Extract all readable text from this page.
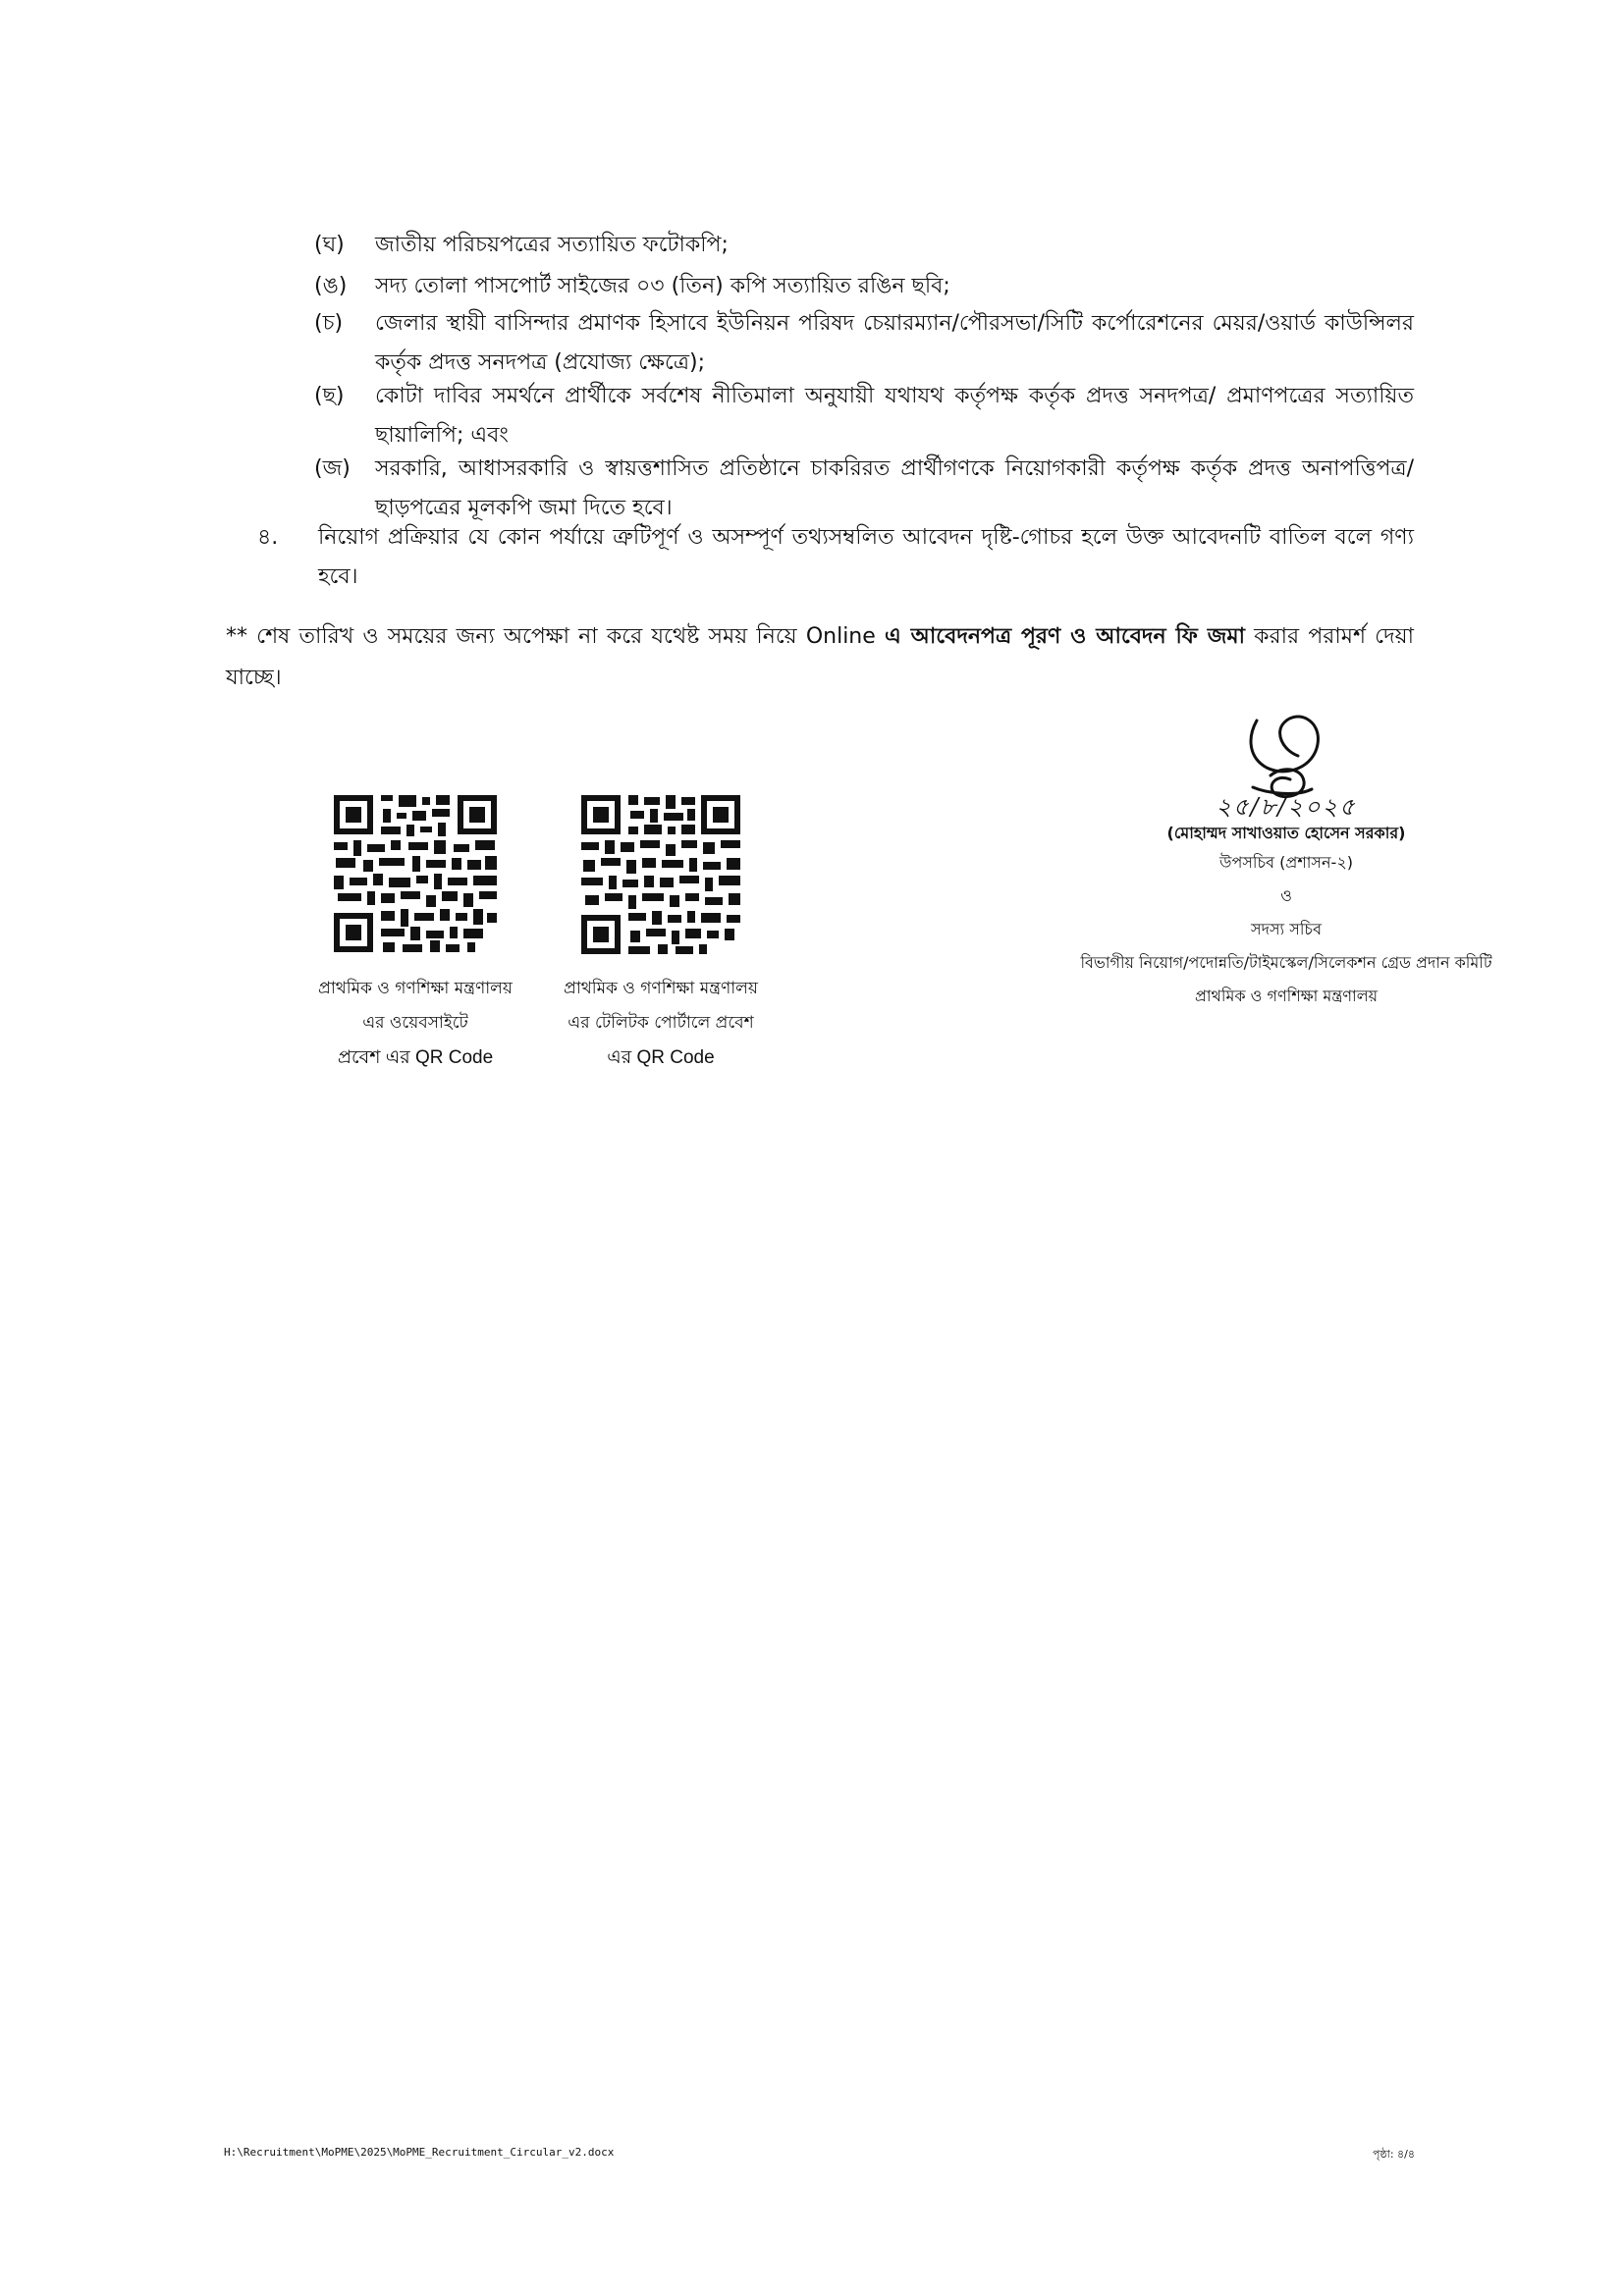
(ঘ)	জাতীয় পরিচয়পত্রের সত্যায়িত ফটোকপি;
(ঙ)	সদ্য তোলা পাসপোর্ট সাইজের ০৩ (তিন) কপি সত্যায়িত রঙিন ছবি;
(চ)	জেলার স্থায়ী বাসিন্দার প্রমাণক হিসাবে ইউনিয়ন পরিষদ চেয়ারম্যান/পৌরসভা/সিটি কর্পোরেশনের মেয়র/ওয়ার্ড কাউন্সিলর কর্তৃক প্রদত্ত সনদপত্র (প্রযোজ্য ক্ষেত্রে);
(ছ)	কোটা দাবির সমর্থনে প্রার্থীকে সর্বশেষ নীতিমালা অনুযায়ী যথাযথ কর্তৃপক্ষ কর্তৃক প্রদত্ত সনদপত্র/ প্রমাণপত্রের সত্যায়িত ছায়ালিপি; এবং
(জ)	সরকারি, আধাসরকারি ও স্বায়ত্তশাসিত প্রতিষ্ঠানে চাকরিরত প্রার্থীগণকে নিয়োগকারী কর্তৃপক্ষ কর্তৃক প্রদত্ত অনাপত্তিপত্র/ ছাড়পত্রের মূলকপি জমা দিতে হবে।
৪.	নিয়োগ প্রক্রিয়ার যে কোন পর্যায়ে ত্রুটিপূর্ণ ও অসম্পূর্ণ তথ্যসম্বলিত আবেদন দৃষ্টি-গোচর হলে উক্ত আবেদনটি বাতিল বলে গণ্য হবে।
** শেষ তারিখ ও সময়ের জন্য অপেক্ষা না করে যথেষ্ট সময় নিয়ে Online এ আবেদনপত্র পূরণ ও আবেদন ফি জমা করার পরামর্শ দেয়া যাচ্ছে।
প্রাথমিক ও গণশিক্ষা মন্ত্রণালয়
এর ওয়েবসাইটে
প্রবেশ এর QR Code
প্রাথমিক ও গণশিক্ষা মন্ত্রণালয়
এর টেলিটক পোর্টালে প্রবেশ
এর QR Code
২৫/৮/২০২৫
(মোহাম্মদ সাখাওয়াত হোসেন সরকার)
উপসচিব (প্রশাসন-২)
ও
সদস্য সচিব
বিভাগীয় নিয়োগ/পদোন্নতি/টাইমস্কেল/সিলেকশন গ্রেড প্রদান কমিটি
প্রাথমিক ও গণশিক্ষা মন্ত্রণালয়
H:\Recruitment\MoPME\2025\MoPME_Recruitment_Circular_v2.docx	পৃষ্ঠা: ৪/৪
